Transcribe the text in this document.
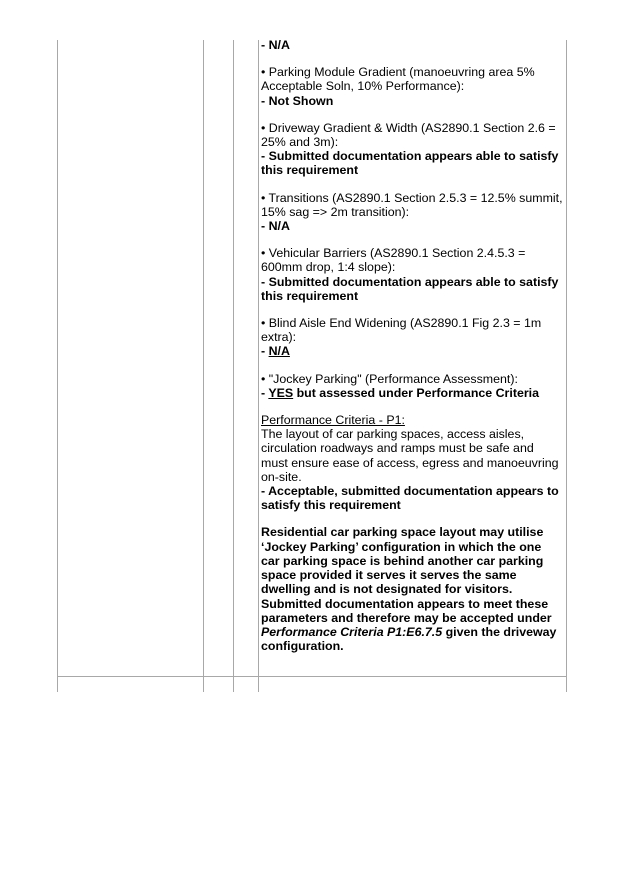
- N/A
• Parking Module Gradient (manoeuvring area 5% Acceptable Soln, 10% Performance):
- Not Shown
• Driveway Gradient & Width (AS2890.1 Section 2.6 = 25% and 3m):
- Submitted documentation appears able to satisfy this requirement
• Transitions (AS2890.1 Section 2.5.3 = 12.5% summit, 15% sag => 2m transition):
- N/A
• Vehicular Barriers (AS2890.1 Section 2.4.5.3 = 600mm drop, 1:4 slope):
- Submitted documentation appears able to satisfy this requirement
• Blind Aisle End Widening (AS2890.1 Fig 2.3 = 1m extra):
- N/A
• "Jockey Parking" (Performance Assessment):
- YES but assessed under Performance Criteria
Performance Criteria - P1:
The layout of car parking spaces, access aisles, circulation roadways and ramps must be safe and must ensure ease of access, egress and manoeuvring on-site.
- Acceptable, submitted documentation appears to satisfy this requirement
Residential car parking space layout may utilise ‘Jockey Parking’ configuration in which the one car parking space is behind another car parking space provided it serves it serves the same dwelling and is not designated for visitors. Submitted documentation appears to meet these parameters and therefore may be accepted under Performance Criteria P1:E6.7.5 given the driveway configuration.
